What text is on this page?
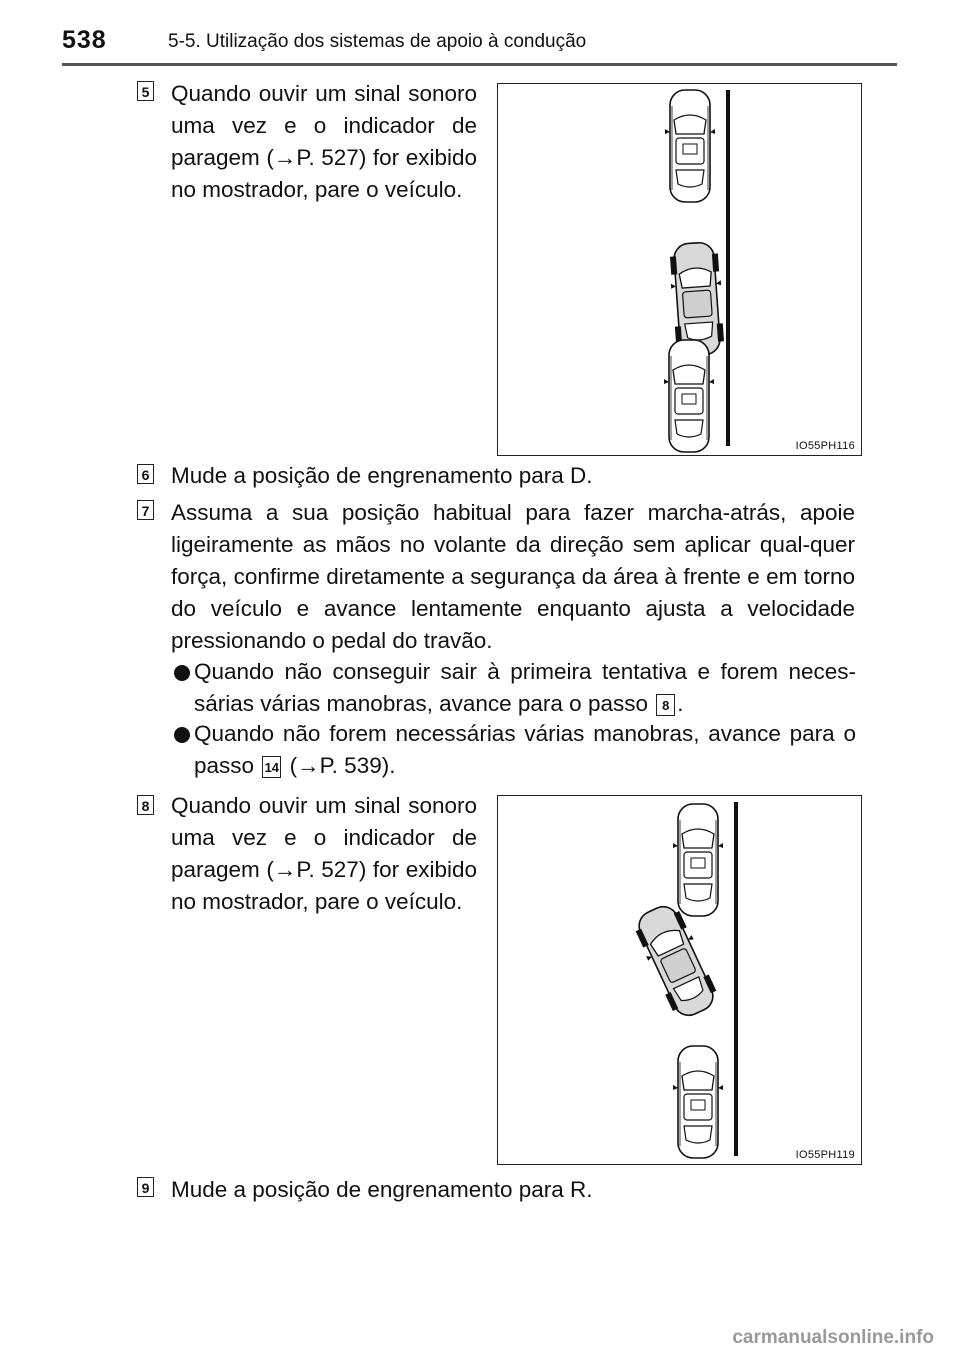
538	5-5. Utilização dos sistemas de apoio à condução
5 Quando ouvir um sinal sonoro uma vez e o indicador de paragem (→P. 527) for exibido no mostrador, pare o veículo.
IO55PH116
6 Mude a posição de engrenamento para D.
7 Assuma a sua posição habitual para fazer marcha-atrás, apoie ligeiramente as mãos no volante da direção sem aplicar qual-quer força, confirme diretamente a segurança da área à frente e em torno do veículo e avance lentamente enquanto ajusta a velocidade pressionando o pedal do travão.
Quando não conseguir sair à primeira tentativa e forem neces-sárias várias manobras, avance para o passo 8 .
Quando não forem necessárias várias manobras, avance para o passo 14 (→P. 539).
8 Quando ouvir um sinal sonoro uma vez e o indicador de paragem (→P. 527) for exibido no mostrador, pare o veículo.
IO55PH119
9 Mude a posição de engrenamento para R.
carmanualsonline.info
